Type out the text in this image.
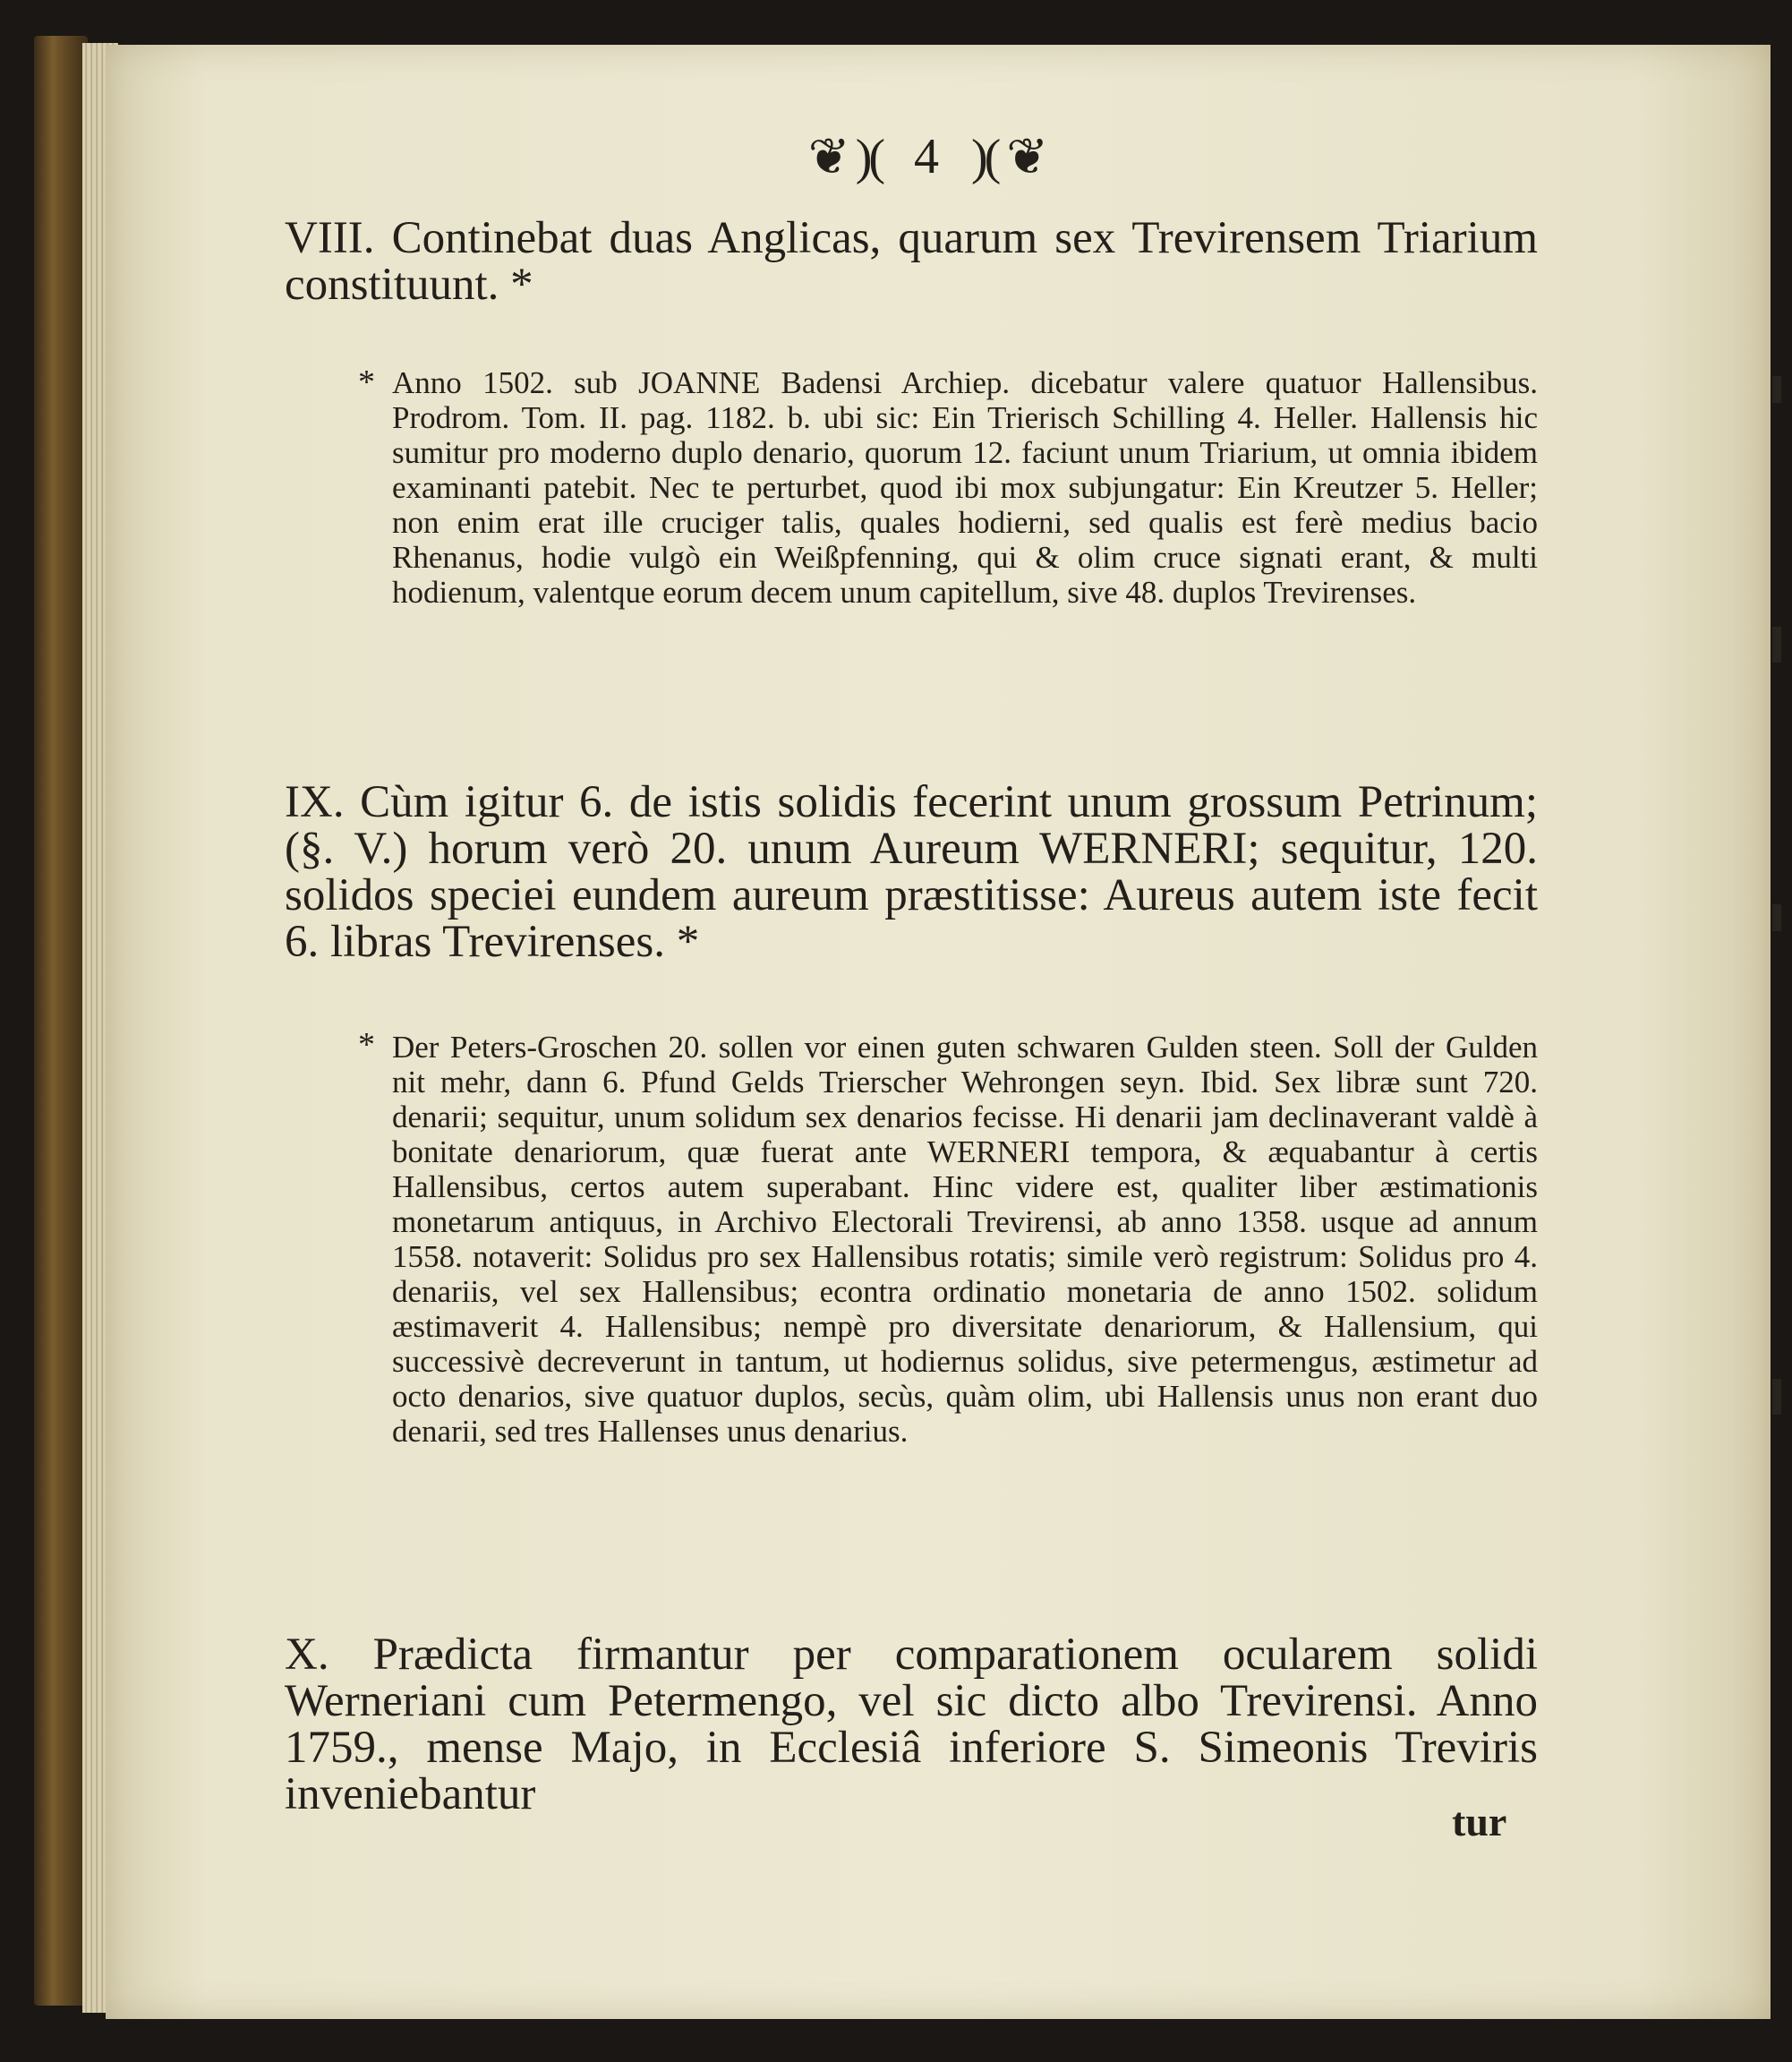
❦ )( 4 )( ❦
VIII. Continebat duas Anglicas, quarum sex Trevirensem Triarium constituunt. *
* Anno 1502. sub JOANNE Badensi Archiep. dicebatur valere quatuor Hallensibus. Prodrom. Tom. II. pag. 1182. b. ubi sic: Ein Trierisch Schilling 4. Heller. Hallensis hic sumitur pro moderno duplo denario, quorum 12. faciunt unum Triarium, ut omnia ibidem examinanti patebit. Nec te perturbet, quod ibi mox subjungatur: Ein Kreutzer 5. Heller; non enim erat ille cruciger talis, quales hodierni, sed qualis est ferè medius bacio Rhenanus, hodie vulgò ein Weißpfenning, qui & olim cruce signati erant, & multi hodienum, valentque eorum decem unum capitellum, sive 48. duplos Trevirenses.
IX. Cùm igitur 6. de istis solidis fecerint unum grossum Petrinum; (§. V.) horum verò 20. unum Aureum WERNERI; sequitur, 120. solidos speciei eundem aureum præstitisse: Aureus autem iste fecit 6. libras Trevirenses. *
* Der Peters-Groschen 20. sollen vor einen guten schwaren Gulden steen. Soll der Gulden nit mehr, dann 6. Pfund Gelds Trierscher Wehrongen seyn. Ibid. Sex libræ sunt 720. denarii; sequitur, unum solidum sex denarios fecisse. Hi denarii jam declinaverant valdè à bonitate denariorum, quæ fuerat ante WERNERI tempora, & æquabantur à certis Hallensibus, certos autem superabant. Hinc videre est, qualiter liber æstimationis monetarum antiquus, in Archivo Electorali Trevirensi, ab anno 1358. usque ad annum 1558. notaverit: Solidus pro sex Hallensibus rotatis; simile verò registrum: Solidus pro 4. denariis, vel sex Hallensibus; econtra ordinatio monetaria de anno 1502. solidum æstimaverit 4. Hallensibus; nempè pro diversitate denariorum, & Hallensium, qui successivè decreverunt in tantum, ut hodiernus solidus, sive petermengus, æstimetur ad octo denarios, sive quatuor duplos, secùs, quàm olim, ubi Hallensis unus non erant duo denarii, sed tres Hallenses unus denarius.
X. Prædicta firmantur per comparationem ocularem solidi Werneriani cum Petermengo, vel sic dicto albo Trevirensi. Anno 1759., mense Majo, in Ecclesiâ inferiore S. Simeonis Treviris inveniebantur
tur
